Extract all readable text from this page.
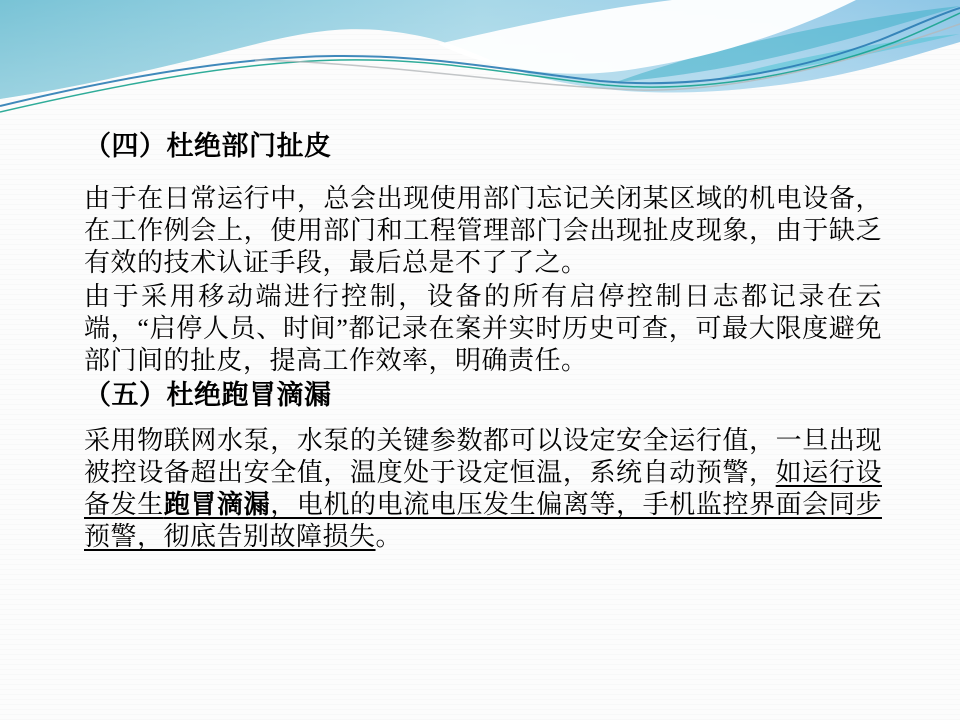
（四）杜绝部门扯皮

由于在日常运行中，总会出现使用部门忘记关闭某区域的机电设备，在工作例会上，使用部门和工程管理部门会出现扯皮现象，由于缺乏有效的技术认证手段，最后总是不了了之。

由于采用移动端进行控制，设备的所有启停控制日志都记录在云端，“启停人员、时间”都记录在案并实时历史可查，可最大限度避免部门间的扯皮，提高工作效率，明确责任。

（五）杜绝跑冒滴漏

采用物联网水泵，水泵的关键参数都可以设定安全运行值，一旦出现被控设备超出安全值，温度处于设定恒温，系统自动预警，如运行设备发生跑冒滴漏，电机的电流电压发生偏离等，手机监控界面会同步预警，彻底告别故障损失。
